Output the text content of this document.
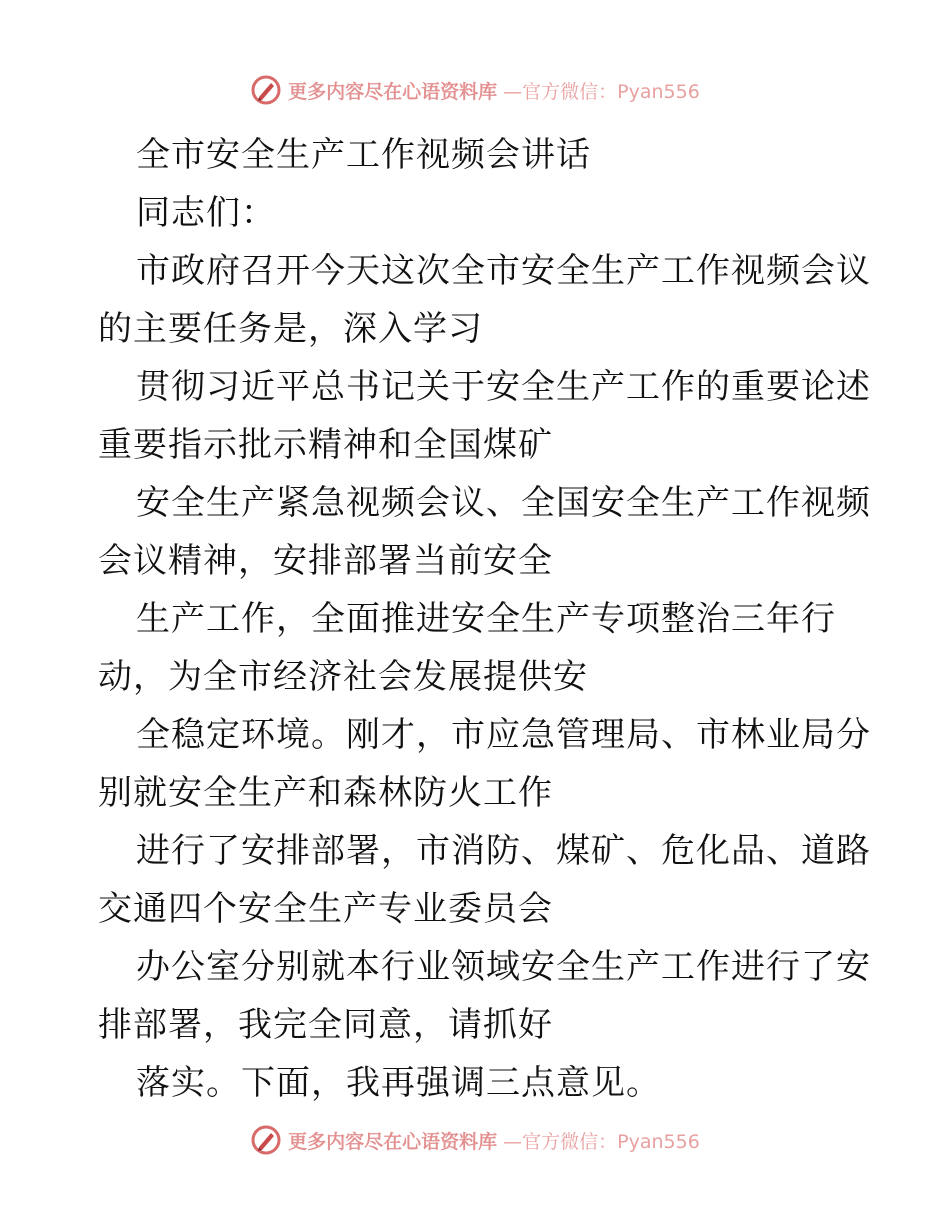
更多内容尽在心语资料库 —官方微信：Pyan556
全市安全生产工作视频会讲话
同志们：
市政府召开今天这次全市安全生产工作视频会议
的主要任务是，深入学习
贯彻习近平总书记关于安全生产工作的重要论述
重要指示批示精神和全国煤矿
安全生产紧急视频会议、全国安全生产工作视频
会议精神，安排部署当前安全
生产工作，全面推进安全生产专项整治三年行
动，为全市经济社会发展提供安
全稳定环境。刚才，市应急管理局、市林业局分
别就安全生产和森林防火工作
进行了安排部署，市消防、煤矿、危化品、道路
交通四个安全生产专业委员会
办公室分别就本行业领域安全生产工作进行了安
排部署，我完全同意，请抓好
落实。下面，我再强调三点意见。
更多内容尽在心语资料库 —官方微信：Pyan556
